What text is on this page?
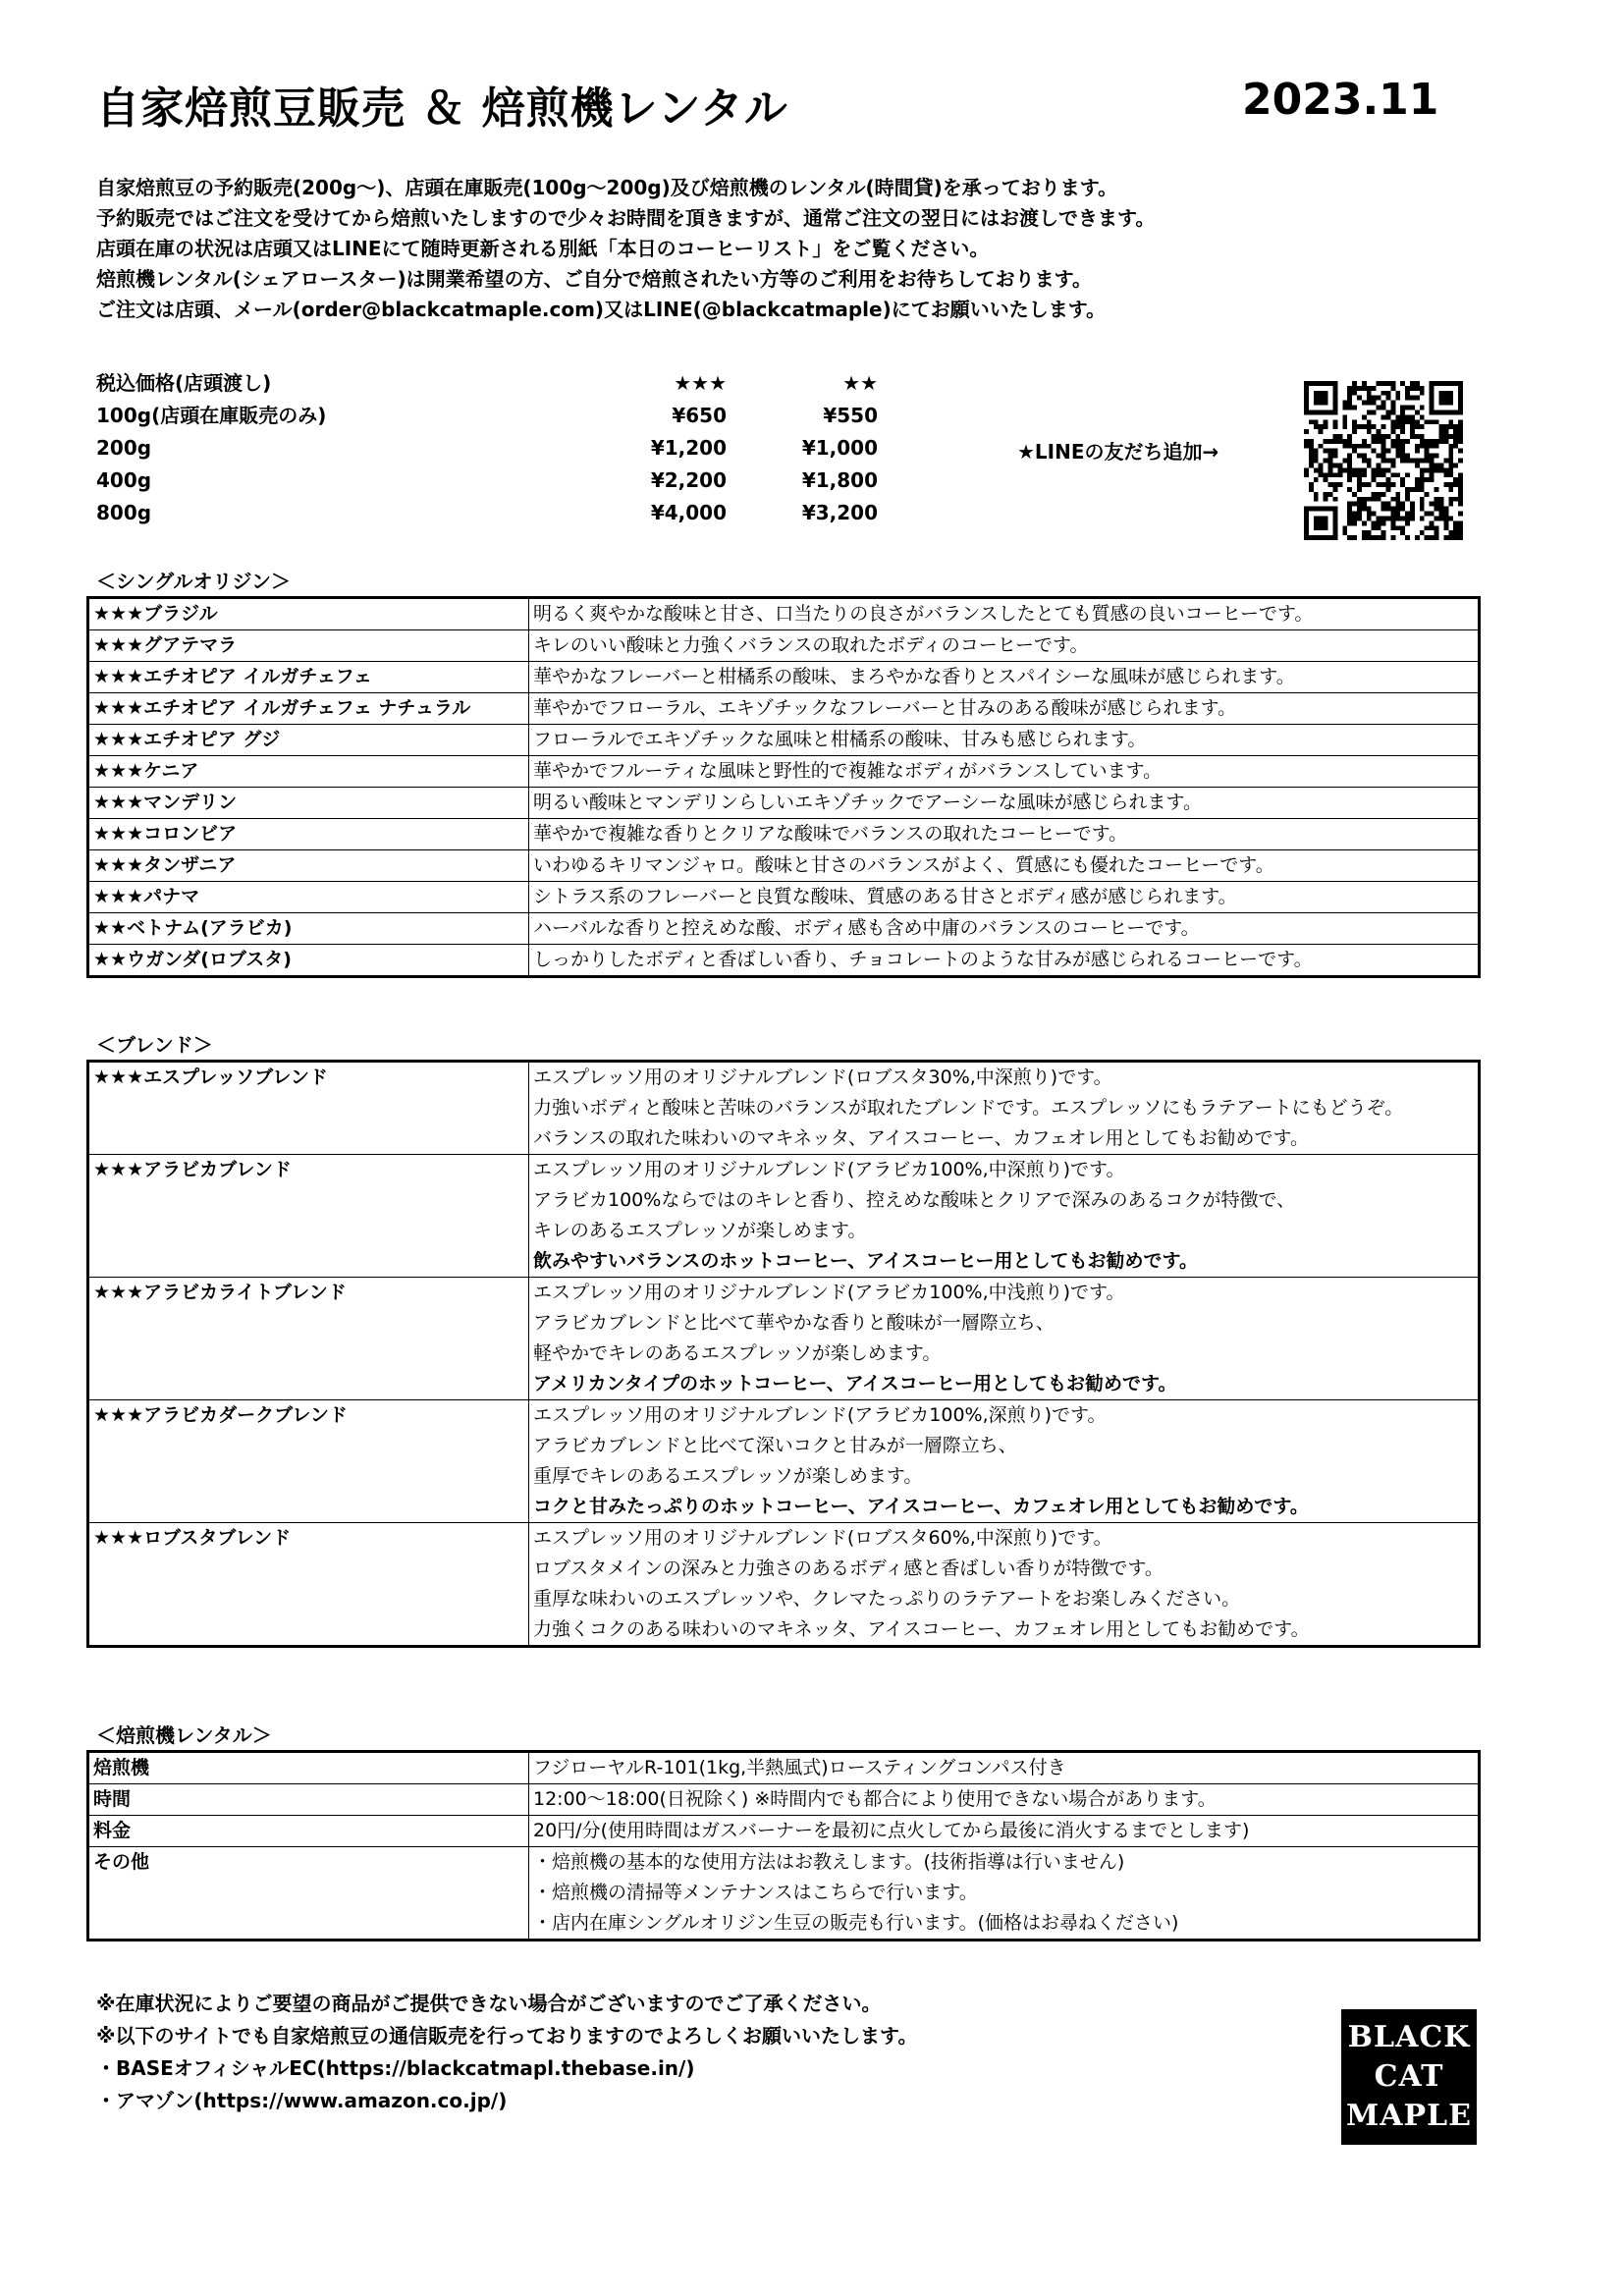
自家焙煎豆販売 ＆ 焙煎機レンタル	2023.11
自家焙煎豆の予約販売(200g～)、店頭在庫販売(100g～200g)及び焙煎機のレンタル(時間貸)を承っております。
予約販売ではご注文を受けてから焙煎いたしますので少々お時間を頂きますが、通常ご注文の翌日にはお渡しできます。
店頭在庫の状況は店頭又はLINEにて随時更新される別紙「本日のコーヒーリスト」をご覧ください。
焙煎機レンタル(シェアロースター)は開業希望の方、ご自分で焙煎されたい方等のご利用をお待ちしております。
ご注文は店頭、メール(order@blackcatmaple.com)又はLINE(@blackcatmaple)にてお願いいたします。
税込価格(店頭渡し)	★★★	★★
100g(店頭在庫販売のみ)	¥650	¥550
200g	¥1,200	¥1,000
400g	¥2,200	¥1,800
800g	¥4,000	¥3,200
★LINEの友だち追加→
＜シングルオリジン＞
★★★ブラジル	明るく爽やかな酸味と甘さ、口当たりの良さがバランスしたとても質感の良いコーヒーです。
★★★グアテマラ	キレのいい酸味と力強くバランスの取れたボディのコーヒーです。
★★★エチオピア イルガチェフェ	華やかなフレーバーと柑橘系の酸味、まろやかな香りとスパイシーな風味が感じられます。
★★★エチオピア イルガチェフェ ナチュラル	華やかでフローラル、エキゾチックなフレーバーと甘みのある酸味が感じられます。
★★★エチオピア グジ	フローラルでエキゾチックな風味と柑橘系の酸味、甘みも感じられます。
★★★ケニア	華やかでフルーティな風味と野性的で複雑なボディがバランスしています。
★★★マンデリン	明るい酸味とマンデリンらしいエキゾチックでアーシーな風味が感じられます。
★★★コロンビア	華やかで複雑な香りとクリアな酸味でバランスの取れたコーヒーです。
★★★タンザニア	いわゆるキリマンジャロ。酸味と甘さのバランスがよく、質感にも優れたコーヒーです。
★★★パナマ	シトラス系のフレーバーと良質な酸味、質感のある甘さとボディ感が感じられます。
★★ベトナム(アラビカ)	ハーバルな香りと控えめな酸、ボディ感も含め中庸のバランスのコーヒーです。
★★ウガンダ(ロブスタ)	しっかりしたボディと香ばしい香り、チョコレートのような甘みが感じられるコーヒーです。
＜ブレンド＞
★★★エスプレッソブレンド	エスプレッソ用のオリジナルブレンド(ロブスタ30%,中深煎り)です。
力強いボディと酸味と苦味のバランスが取れたブレンドです。エスプレッソにもラテアートにもどうぞ。
バランスの取れた味わいのマキネッタ、アイスコーヒー、カフェオレ用としてもお勧めです。

★★★アラビカブレンド	エスプレッソ用のオリジナルブレンド(アラビカ100%,中深煎り)です。
アラビカ100%ならではのキレと香り、控えめな酸味とクリアで深みのあるコクが特徴で、
キレのあるエスプレッソが楽しめます。
飲みやすいバランスのホットコーヒー、アイスコーヒー用としてもお勧めです。

★★★アラビカライトブレンド	エスプレッソ用のオリジナルブレンド(アラビカ100%,中浅煎り)です。
アラビカブレンドと比べて華やかな香りと酸味が一層際立ち、
軽やかでキレのあるエスプレッソが楽しめます。
アメリカンタイプのホットコーヒー、アイスコーヒー用としてもお勧めです。

★★★アラビカダークブレンド	エスプレッソ用のオリジナルブレンド(アラビカ100%,深煎り)です。
アラビカブレンドと比べて深いコクと甘みが一層際立ち、
重厚でキレのあるエスプレッソが楽しめます。
コクと甘みたっぷりのホットコーヒー、アイスコーヒー、カフェオレ用としてもお勧めです。

★★★ロブスタブレンド	エスプレッソ用のオリジナルブレンド(ロブスタ60%,中深煎り)です。
ロブスタメインの深みと力強さのあるボディ感と香ばしい香りが特徴です。
重厚な味わいのエスプレッソや、クレマたっぷりのラテアートをお楽しみください。
力強くコクのある味わいのマキネッタ、アイスコーヒー、カフェオレ用としてもお勧めです。
＜焙煎機レンタル＞
焙煎機	フジローヤルR-101(1kg,半熱風式)ロースティングコンパス付き

時間	12:00～18:00(日祝除く) ※時間内でも都合により使用できない場合があります。

料金	20円/分(使用時間はガスバーナーを最初に点火してから最後に消火するまでとします)

その他	・焙煎機の基本的な使用方法はお教えします。(技術指導は行いません)
・焙煎機の清掃等メンテナンスはこちらで行います。
・店内在庫シングルオリジン生豆の販売も行います。(価格はお尋ねください)
※在庫状況によりご要望の商品がご提供できない場合がございますのでご了承ください。
※以下のサイトでも自家焙煎豆の通信販売を行っておりますのでよろしくお願いいたします。
・BASEオフィシャルEC(https://blackcatmapl.thebase.in/)
・アマゾン(https://www.amazon.co.jp/)
BLACK
CAT
MAPLE
